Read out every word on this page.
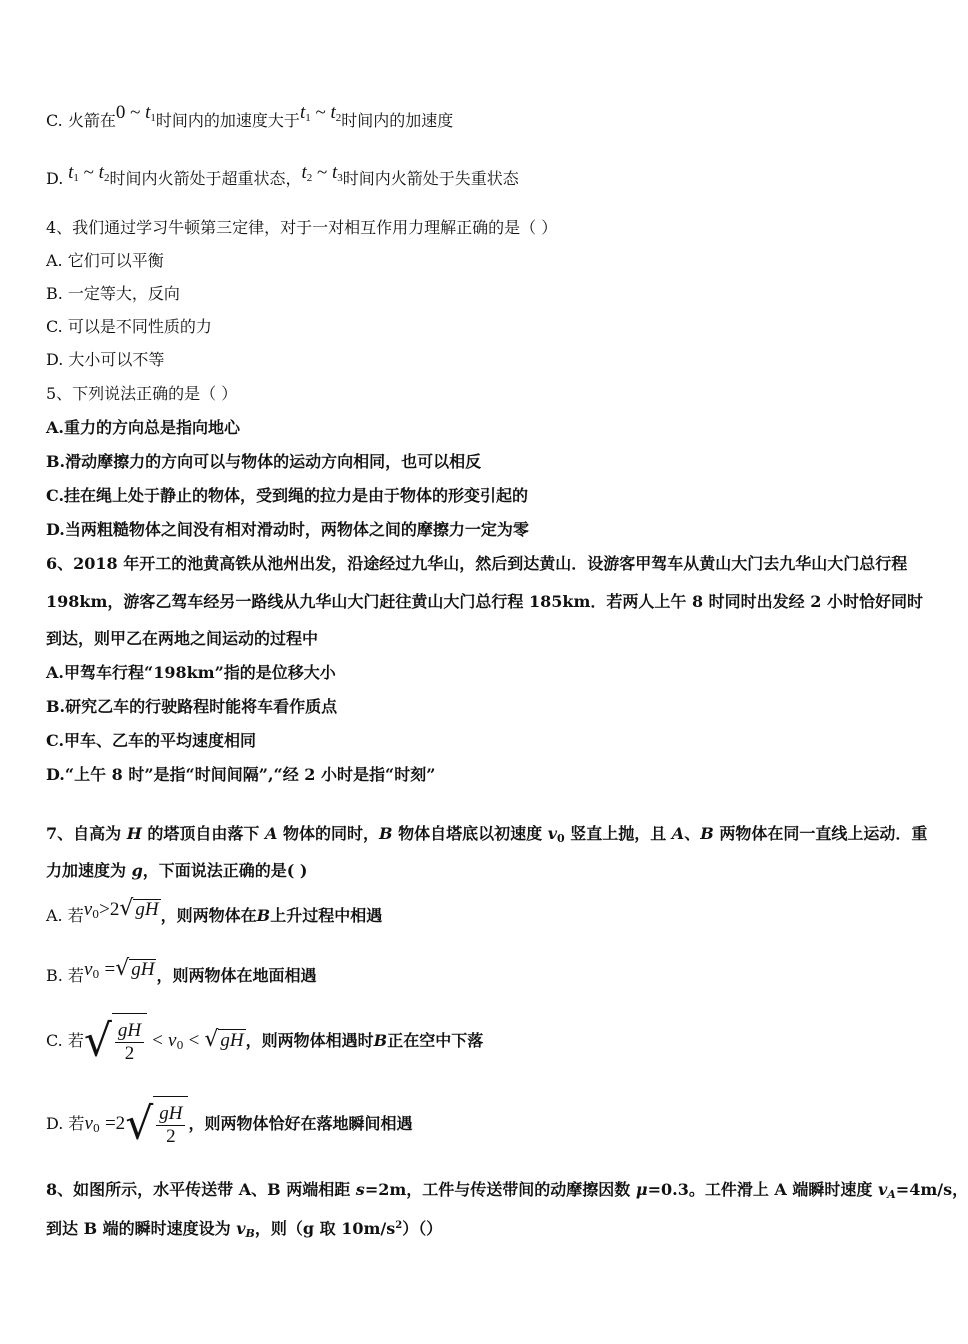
C. 火箭在0 ~ $t_1$时间内的加速度大于$t_1$ ~ $t_2$时间内的加速度
D. $t_1$ ~ $t_2$时间内火箭处于超重状态，$t_2$ ~ $t_3$时间内火箭处于失重状态
4、我们通过学习牛顿第三定律，对于一对相互作用力理解正确的是（ ）
A. 它们可以平衡
B. 一定等大，反向
C. 可以是不同性质的力
D. 大小可以不等
5、下列说法正确的是（ ）
A.重力的方向总是指向地心
B.滑动摩擦力的方向可以与物体的运动方向相同，也可以相反
C.挂在绳上处于静止的物体，受到绳的拉力是由于物体的形变引起的
D.当两粗糙物体之间没有相对滑动时，两物体之间的摩擦力一定为零
6、2018 年开工的池黄高铁从池州出发，沿途经过九华山，然后到达黄山．设游客甲驾车从黄山大门去九华山大门总行程
198km，游客乙驾车经另一路线从九华山大门赶往黄山大门总行程 185km．若两人上午 8 时同时出发经 2 小时恰好同时
到达，则甲乙在两地之间运动的过程中
A.甲驾车行程“198km”指的是位移大小
B.研究乙车的行驶路程时能将车看作质点
C.甲车、乙车的平均速度相同
D.“上午 8 时”是指“时间间隔”,“经 2 小时是指“时刻”
7、自高为 H 的塔顶自由落下 A 物体的同时，B 物体自塔底以初速度 $v_0$ 竖直上抛，且 A、B 两物体在同一直线上运动．重
力加速度为 g，下面说法正确的是( )
A. 若$v_0>2√$ gH ，则两物体在B上升过程中相遇
B. 若$v_0$ =√ gH ，则两物体在地面相遇
C. 若√ $\frac{gH}{2} < v_0$ < √ gH ，则两物体相遇时B正在空中下落
D. 若$v_0 =2√ \frac{gH}{2}$ ，则两物体恰好在落地瞬间相遇
8、如图所示，水平传送带 A、B 两端相距 s=2m，工件与传送带间的动摩擦因数 μ=0.3。工件滑上 A 端瞬时速度 $v_A=4m/s$，
到达 B 端的瞬时速度设为 $v_B$，则（g 取 $10m/s^2)()$
